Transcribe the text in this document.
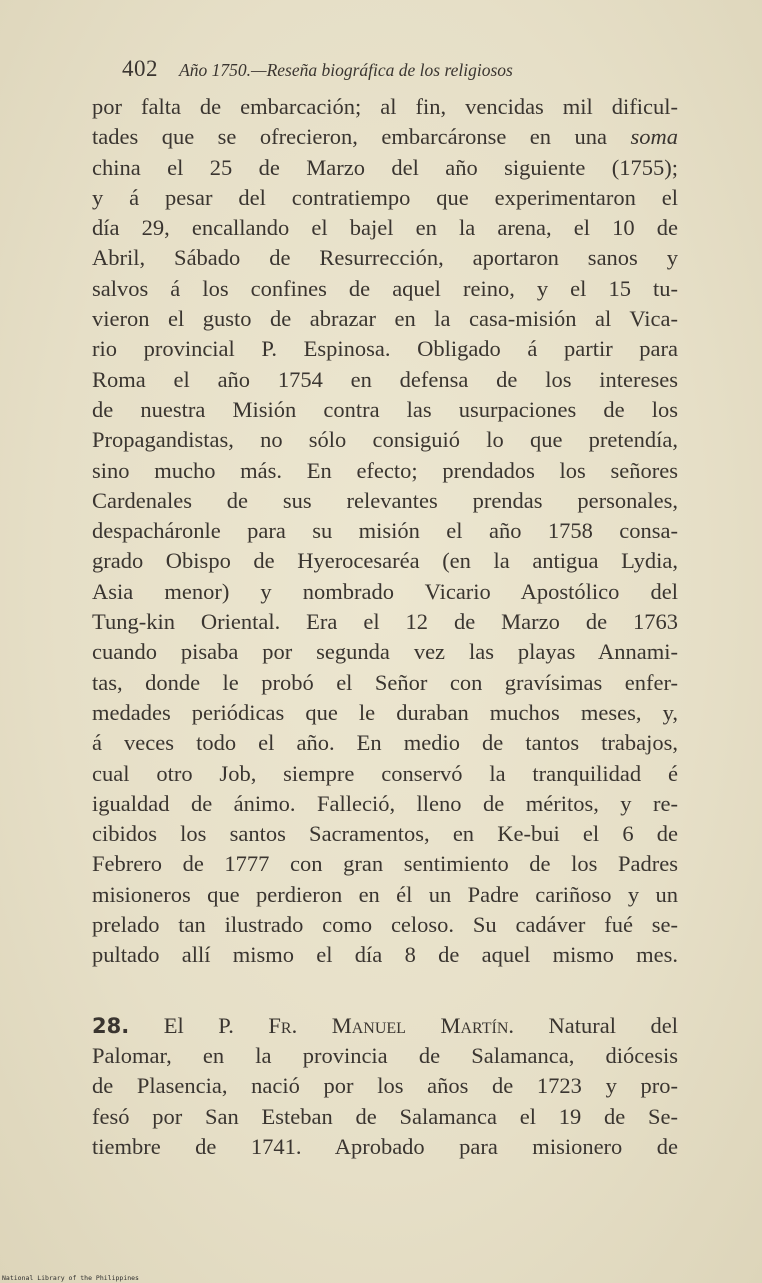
402 Año 1750.—Reseña biográfica de los religiosos
por falta de embarcación; al fin, vencidas mil dificul-
tades que se ofrecieron, embarcáronse en una soma
china el 25 de Marzo del año siguiente (1755);
y á pesar del contratiempo que experimentaron el
día 29, encallando el bajel en la arena, el 10 de
Abril, Sábado de Resurrección, aportaron sanos y
salvos á los confines de aquel reino, y el 15 tu-
vieron el gusto de abrazar en la casa-misión al Vica-
rio provincial P. Espinosa. Obligado á partir para
Roma el año 1754 en defensa de los intereses
de nuestra Misión contra las usurpaciones de los
Propagandistas, no sólo consiguió lo que pretendía,
sino mucho más. En efecto; prendados los señores
Cardenales de sus relevantes prendas personales,
despacháronle para su misión el año 1758 consa-
grado Obispo de Hyerocesaréa (en la antigua Lydia,
Asia menor) y nombrado Vicario Apostólico del
Tung-kin Oriental. Era el 12 de Marzo de 1763
cuando pisaba por segunda vez las playas Annami-
tas, donde le probó el Señor con gravísimas enfer-
medades periódicas que le duraban muchos meses, y,
á veces todo el año. En medio de tantos trabajos,
cual otro Job, siempre conservó la tranquilidad é
igualdad de ánimo. Falleció, lleno de méritos, y re-
cibidos los santos Sacramentos, en Ke-bui el 6 de
Febrero de 1777 con gran sentimiento de los Padres
misioneros que perdieron en él un Padre cariñoso y un
prelado tan ilustrado como celoso. Su cadáver fué se-
pultado allí mismo el día 8 de aquel mismo mes.
28. El P. Fr. Manuel Martín. Natural del
Palomar, en la provincia de Salamanca, diócesis
de Plasencia, nació por los años de 1723 y pro-
fesó por San Esteban de Salamanca el 19 de Se-
tiembre de 1741. Aprobado para misionero de
National Library of the Philippines
